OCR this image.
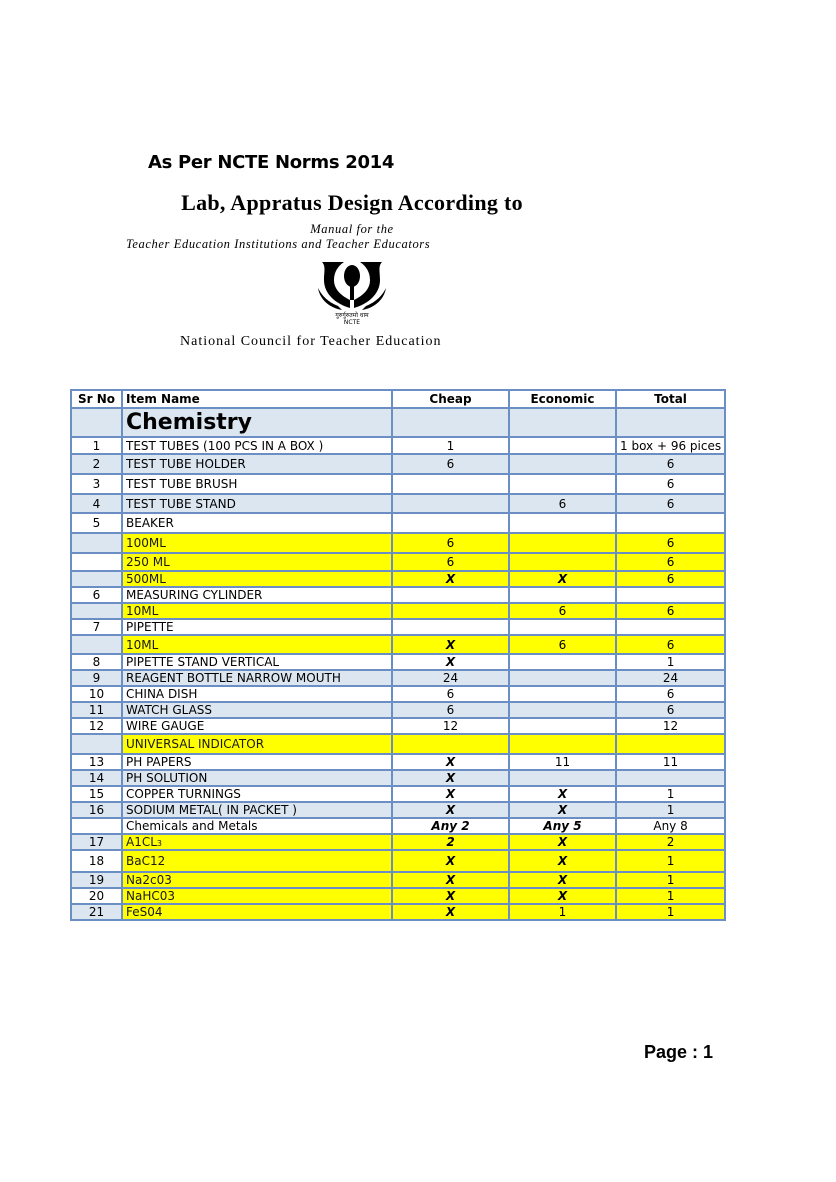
As Per NCTE Norms 2014
Lab, Appratus Design According to
Manual for the
Teacher Education Institutions and Teacher Educators
गुरुर्गुरुतमो धाम
NCTE
National Council for Teacher Education
Sr No	Item Name	Cheap	Economic	Total
	Chemistry			
1	TEST TUBES (100 PCS IN A BOX )	1		1 box + 96 pices
2	TEST TUBE HOLDER	6		6
3	TEST TUBE BRUSH			6
4	TEST TUBE STAND		6	6
5	BEAKER			
	100ML	6		6
	250 ML	6		6
	500ML	X	X	6
6	MEASURING CYLINDER			
	10ML		6	6
7	PIPETTE			
	10ML	X	6	6
8	PIPETTE STAND VERTICAL	X		1
9	REAGENT BOTTLE NARROW MOUTH	24		24
10	CHINA DISH	6		6
11	WATCH GLASS	6		6
12	WIRE GAUGE	12		12
	UNIVERSAL INDICATOR			
13	PH PAPERS	X	11	11
14	PH SOLUTION	X		
15	COPPER TURNINGS	X	X	1
16	SODIUM METAL( IN PACKET )	X	X	1
	Chemicals and Metals	Any 2	Any 5	Any 8
17	A1CL3	2	X	2
18	BaC12	X	X	1
19	Na2c03	X	X	1
20	NaHC03	X	X	1
21	FeS04	X	1	1
Page : 1
